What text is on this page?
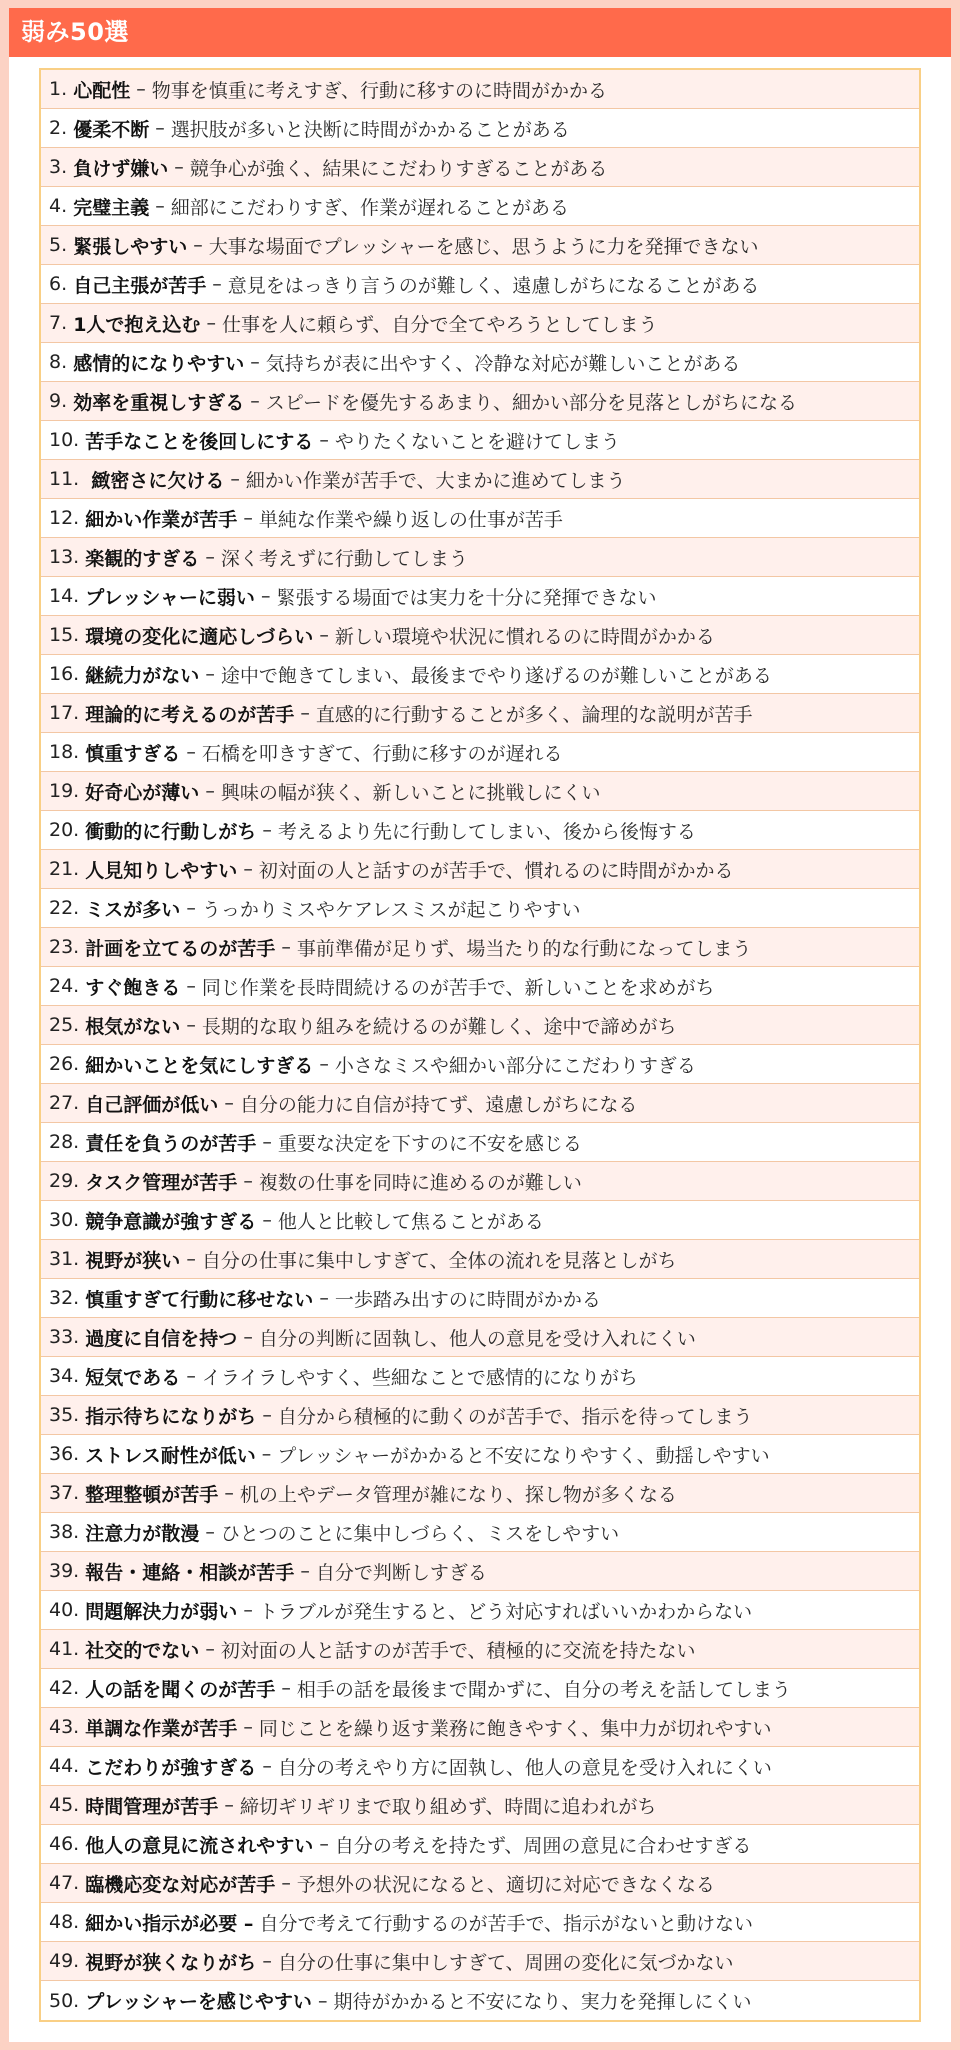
弱み50選
1.
心配性 – 物事を慎重に考えすぎ、行動に移すのに時間がかかる
2.
優柔不断 – 選択肢が多いと決断に時間がかかることがある
3.
負けず嫌い – 競争心が強く、結果にこだわりすぎることがある
4.
完璧主義 – 細部にこだわりすぎ、作業が遅れることがある
5.
緊張しやすい – 大事な場面でプレッシャーを感じ、思うように力を発揮できない
6.
自己主張が苦手 – 意見をはっきり言うのが難しく、遠慮しがちになることがある
7.
1人で抱え込む – 仕事を人に頼らず、自分で全てやろうとしてしまう
8.
感情的になりやすい – 気持ちが表に出やすく、冷静な対応が難しいことがある
9.
効率を重視しすぎる – スピードを優先するあまり、細かい部分を見落としがちになる
10.
苦手なことを後回しにする – やりたくないことを避けてしまう
11.
緻密さに欠ける – 細かい作業が苦手で、大まかに進めてしまう
12.
細かい作業が苦手 – 単純な作業や繰り返しの仕事が苦手
13.
楽観的すぎる – 深く考えずに行動してしまう
14.
プレッシャーに弱い – 緊張する場面では実力を十分に発揮できない
15.
環境の変化に適応しづらい – 新しい環境や状況に慣れるのに時間がかかる
16.
継続力がない – 途中で飽きてしまい、最後までやり遂げるのが難しいことがある
17.
理論的に考えるのが苦手 – 直感的に行動することが多く、論理的な説明が苦手
18.
慎重すぎる – 石橋を叩きすぎて、行動に移すのが遅れる
19.
好奇心が薄い – 興味の幅が狭く、新しいことに挑戦しにくい
20.
衝動的に行動しがち – 考えるより先に行動してしまい、後から後悔する
21.
人見知りしやすい – 初対面の人と話すのが苦手で、慣れるのに時間がかかる
22.
ミスが多い – うっかりミスやケアレスミスが起こりやすい
23.
計画を立てるのが苦手 – 事前準備が足りず、場当たり的な行動になってしまう
24.
すぐ飽きる – 同じ作業を長時間続けるのが苦手で、新しいことを求めがち
25.
根気がない – 長期的な取り組みを続けるのが難しく、途中で諦めがち
26.
細かいことを気にしすぎる – 小さなミスや細かい部分にこだわりすぎる
27.
自己評価が低い – 自分の能力に自信が持てず、遠慮しがちになる
28.
責任を負うのが苦手 – 重要な決定を下すのに不安を感じる
29.
タスク管理が苦手 – 複数の仕事を同時に進めるのが難しい
30.
競争意識が強すぎる – 他人と比較して焦ることがある
31.
視野が狭い – 自分の仕事に集中しすぎて、全体の流れを見落としがち
32.
慎重すぎて行動に移せない – 一歩踏み出すのに時間がかかる
33.
過度に自信を持つ – 自分の判断に固執し、他人の意見を受け入れにくい
34.
短気である – イライラしやすく、些細なことで感情的になりがち
35.
指示待ちになりがち – 自分から積極的に動くのが苦手で、指示を待ってしまう
36.
ストレス耐性が低い – プレッシャーがかかると不安になりやすく、動揺しやすい
37.
整理整頓が苦手 – 机の上やデータ管理が雑になり、探し物が多くなる
38.
注意力が散漫 – ひとつのことに集中しづらく、ミスをしやすい
39.
報告・連絡・相談が苦手 – 自分で判断しすぎる
40.
問題解決力が弱い – トラブルが発生すると、どう対応すればいいかわからない
41.
社交的でない – 初対面の人と話すのが苦手で、積極的に交流を持たない
42.
人の話を聞くのが苦手 – 相手の話を最後まで聞かずに、自分の考えを話してしまう
43.
単調な作業が苦手 – 同じことを繰り返す業務に飽きやすく、集中力が切れやすい
44.
こだわりが強すぎる – 自分の考えやり方に固執し、他人の意見を受け入れにくい
45.
時間管理が苦手 – 締切ギリギリまで取り組めず、時間に追われがち
46.
他人の意見に流されやすい – 自分の考えを持たず、周囲の意見に合わせすぎる
47.
臨機応変な対応が苦手 – 予想外の状況になると、適切に対応できなくなる
48.
細かい指示が必要 –
自分で考えて行動するのが苦手で、指示がないと動けない
49.
視野が狭くなりがち – 自分の仕事に集中しすぎて、周囲の変化に気づかない
50.
プレッシャーを感じやすい – 期待がかかると不安になり、実力を発揮しにくい
